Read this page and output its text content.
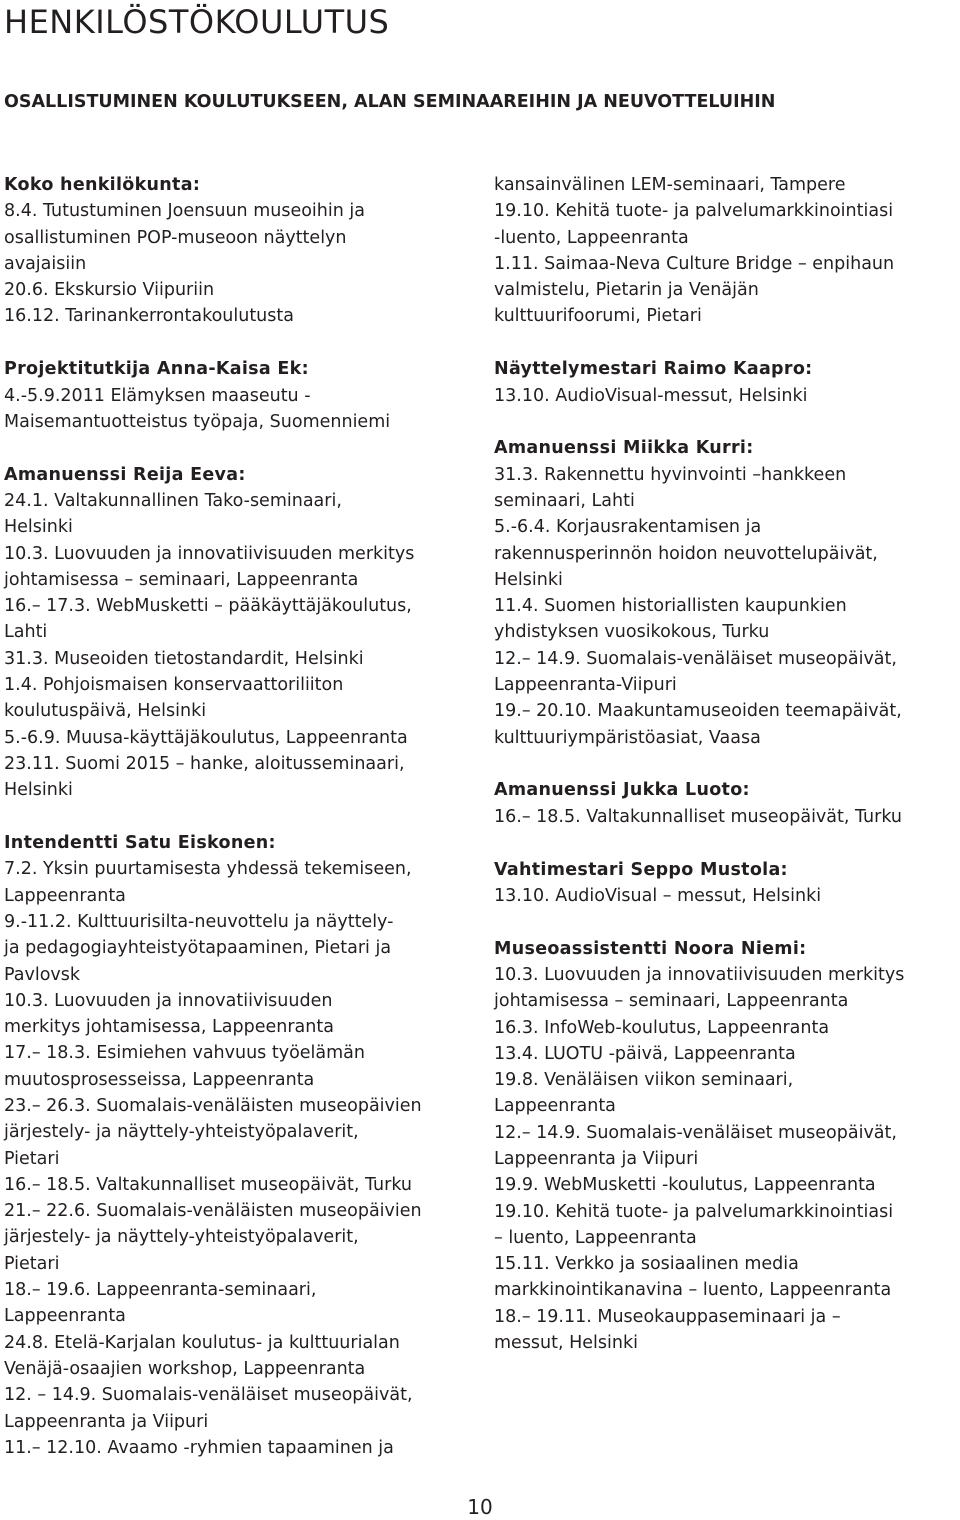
HENKILÖSTÖKOULUTUS
OSALLISTUMINEN KOULUTUKSEEN, ALAN SEMINAAREIHIN JA NEUVOTTELUIHIN
Koko henkilökunta:
8.4. Tutustuminen Joensuun museoihin ja
osallistuminen POP-museoon näyttelyn
avajaisiin
20.6. Ekskursio Viipuriin
16.12. Tarinankerrontakoulutusta
Projektitutkija Anna-Kaisa Ek:
4.-5.9.2011 Elämyksen maaseutu -
Maisemantuotteistus työpaja, Suomenniemi
Amanuenssi Reija Eeva:
24.1. Valtakunnallinen Tako-seminaari,
Helsinki
10.3. Luovuuden ja innovatiivisuuden merkitys
johtamisessa – seminaari, Lappeenranta
16.– 17.3. WebMusketti – pääkäyttäjäkoulutus,
Lahti
31.3. Museoiden tietostandardit, Helsinki
1.4. Pohjoismaisen konservaattoriliiton
koulutuspäivä, Helsinki
5.-6.9. Muusa-käyttäjäkoulutus, Lappeenranta
23.11. Suomi 2015 – hanke, aloitusseminaari,
Helsinki
Intendentti Satu Eiskonen:
7.2. Yksin puurtamisesta yhdessä tekemiseen,
Lappeenranta
9.-11.2. Kulttuurisilta-neuvottelu ja näyttely-
ja pedagogiayhteistyötapaaminen, Pietari ja
Pavlovsk
10.3. Luovuuden ja innovatiivisuuden
merkitys johtamisessa, Lappeenranta
17.– 18.3. Esimiehen vahvuus työelämän
muutosprosesseissa, Lappeenranta
23.– 26.3. Suomalais-venäläisten museopäivien
järjestely- ja näyttely-yhteistyöpalaverit,
Pietari
16.– 18.5. Valtakunnalliset museopäivät, Turku
21.– 22.6. Suomalais-venäläisten museopäivien
järjestely- ja näyttely-yhteistyöpalaverit,
Pietari
18.– 19.6. Lappeenranta-seminaari,
Lappeenranta
24.8. Etelä-Karjalan koulutus- ja kulttuurialan
Venäjä-osaajien workshop, Lappeenranta
12. – 14.9. Suomalais-venäläiset museopäivät,
Lappeenranta ja Viipuri
11.– 12.10. Avaamo -ryhmien tapaaminen ja
kansainvälinen LEM-seminaari, Tampere
19.10. Kehitä tuote- ja palvelumarkkinointiasi
-luento, Lappeenranta
1.11. Saimaa-Neva Culture Bridge – enpihaun
valmistelu, Pietarin ja Venäjän
kulttuurifoorumi, Pietari
Näyttelymestari Raimo Kaapro:
13.10. AudioVisual-messut, Helsinki
Amanuenssi Miikka Kurri:
31.3. Rakennettu hyvinvointi –hankkeen
seminaari, Lahti
5.-6.4. Korjausrakentamisen ja
rakennusperinnön hoidon neuvottelupäivät,
Helsinki
11.4. Suomen historiallisten kaupunkien
yhdistyksen vuosikokous, Turku
12.– 14.9. Suomalais-venäläiset museopäivät,
Lappeenranta-Viipuri
19.– 20.10. Maakuntamuseoiden teemapäivät,
kulttuuriympäristöasiat, Vaasa
Amanuenssi Jukka Luoto:
16.– 18.5. Valtakunnalliset museopäivät, Turku
Vahtimestari Seppo Mustola:
13.10. AudioVisual – messut, Helsinki
Museoassistentti Noora Niemi:
10.3. Luovuuden ja innovatiivisuuden merkitys
johtamisessa – seminaari, Lappeenranta
16.3. InfoWeb-koulutus, Lappeenranta
13.4. LUOTU -päivä, Lappeenranta
19.8. Venäläisen viikon seminaari,
Lappeenranta
12.– 14.9. Suomalais-venäläiset museopäivät,
Lappeenranta ja Viipuri
19.9. WebMusketti -koulutus, Lappeenranta
19.10. Kehitä tuote- ja palvelumarkkinointiasi
– luento, Lappeenranta
15.11. Verkko ja sosiaalinen media
markkinointikanavina – luento, Lappeenranta
18.– 19.11. Museokauppaseminaari ja –
messut, Helsinki
10
